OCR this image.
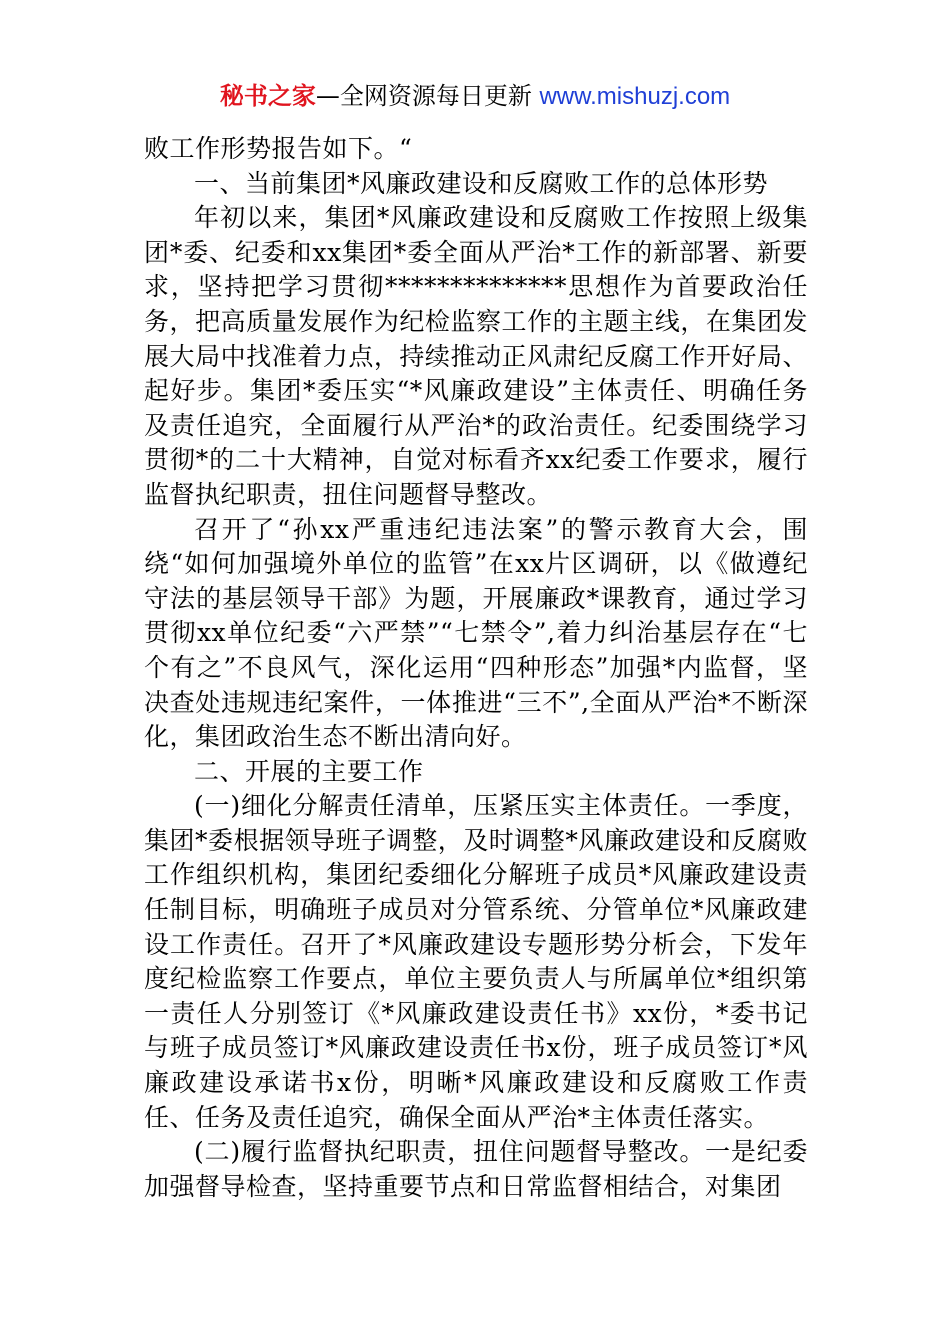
秘书之家—全网资源每日更新 www.mishuzj.com

败工作形势报告如下。“

一、当前集团*风廉政建设和反腐败工作的总体形势

年初以来，集团*风廉政建设和反腐败工作按照上级集团*委、纪委和xx集团*委全面从严治*工作的新部署、新要求，坚持把学习贯彻**************思想作为首要政治任务，把高质量发展作为纪检监察工作的主题主线，在集团发展大局中找准着力点，持续推动正风肃纪反腐工作开好局、起好步。集团*委压实“*风廉政建设”主体责任、明确任务及责任追究，全面履行从严治*的政治责任。纪委围绕学习贯彻*的二十大精神，自觉对标看齐xx纪委工作要求，履行监督执纪职责，扭住问题督导整改。

召开了“孙xx严重违纪违法案”的警示教育大会，围绕“如何加强境外单位的监管”在xx片区调研，以《做遵纪守法的基层领导干部》为题，开展廉政*课教育，通过学习贯彻xx单位纪委“六严禁”“七禁令”,着力纠治基层存在“七个有之”不良风气，深化运用“四种形态”加强*内监督，坚决查处违规违纪案件，一体推进“三不”,全面从严治*不断深化，集团政治生态不断出清向好。

二、开展的主要工作

(一)细化分解责任清单，压紧压实主体责任。一季度，集团*委根据领导班子调整，及时调整*风廉政建设和反腐败工作组织机构，集团纪委细化分解班子成员*风廉政建设责任制目标，明确班子成员对分管系统、分管单位*风廉政建设工作责任。召开了*风廉政建设专题形势分析会，下发年度纪检监察工作要点，单位主要负责人与所属单位*组织第一责任人分别签订《*风廉政建设责任书》xx份，*委书记与班子成员签订*风廉政建设责任书x份，班子成员签订*风廉政建设承诺书x份，明晰*风廉政建设和反腐败工作责任、任务及责任追究，确保全面从严治*主体责任落实。

(二)履行监督执纪职责，扭住问题督导整改。一是纪委加强督导检查，坚持重要节点和日常监督相结合，对集团
